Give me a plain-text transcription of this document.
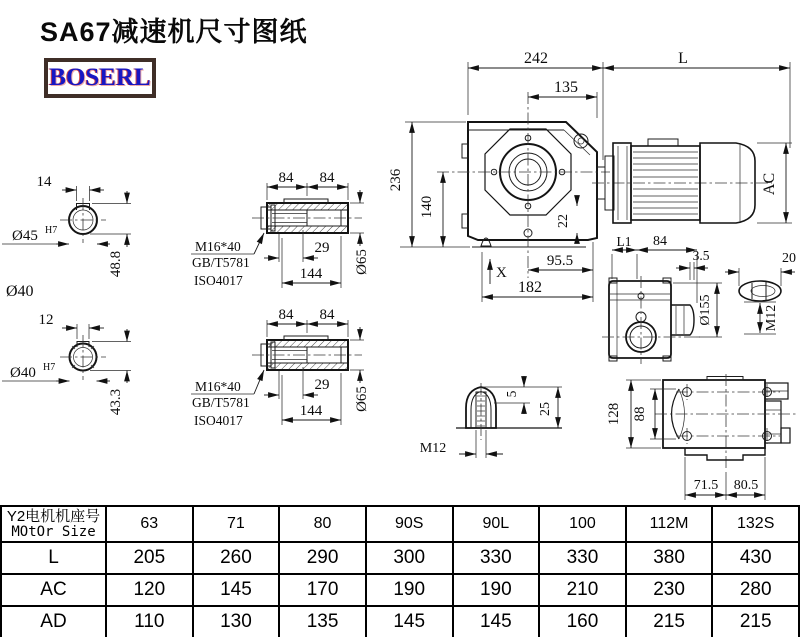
SA67减速机尺寸图纸
BOSERL
14
Ø45 H7
48.8
Ø40
12
Ø40 H7
43.3
84 84
29
144 Ø65
M16*40
GB/T5781
ISO4017
84 84
29
144 Ø65
M16*40
GB/T5781
ISO4017
242	L
135
236
140
AC
22
95.5
182
X
L1 84
Ø155
3.5	20
M12
M12
5
25	128 88
71.5 80.5
Y2电机机座号
MOtOr Size	63	71	80	90S	90L	100	112M	132S
L	205	260	290	300	330	330	380	430
AC	120	145	170	190	190	210	230	280
AD	110	130	135	145	145	160	215	215
